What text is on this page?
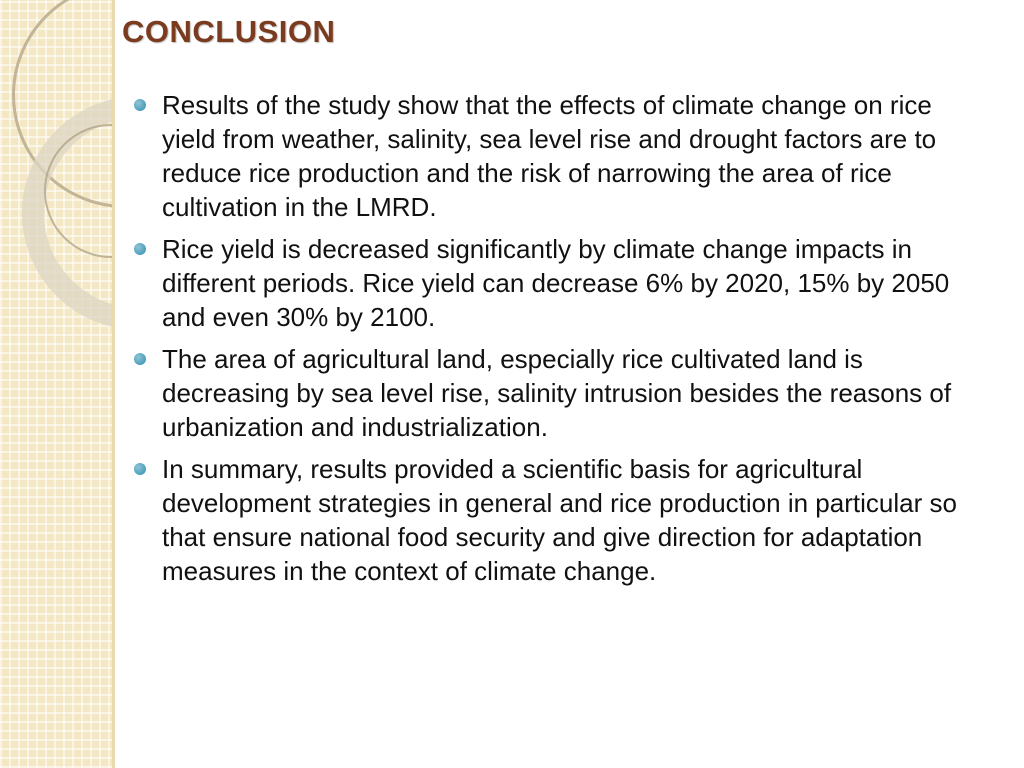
CONCLUSION
Results of the study show that the effects of climate change on rice yield from weather, salinity, sea level rise and drought factors are to reduce rice production and the risk of narrowing the area of rice cultivation in the LMRD.
Rice yield is decreased significantly by climate change impacts in different periods. Rice yield can decrease 6% by 2020, 15% by 2050 and even 30% by 2100.
The area of agricultural land, especially rice cultivated land is decreasing by sea level rise, salinity intrusion besides the reasons of urbanization and industrialization.
In summary, results provided a scientific basis for agricultural development strategies in general and rice production in particular so that ensure national food security and give direction for adaptation measures in the context of climate change.
